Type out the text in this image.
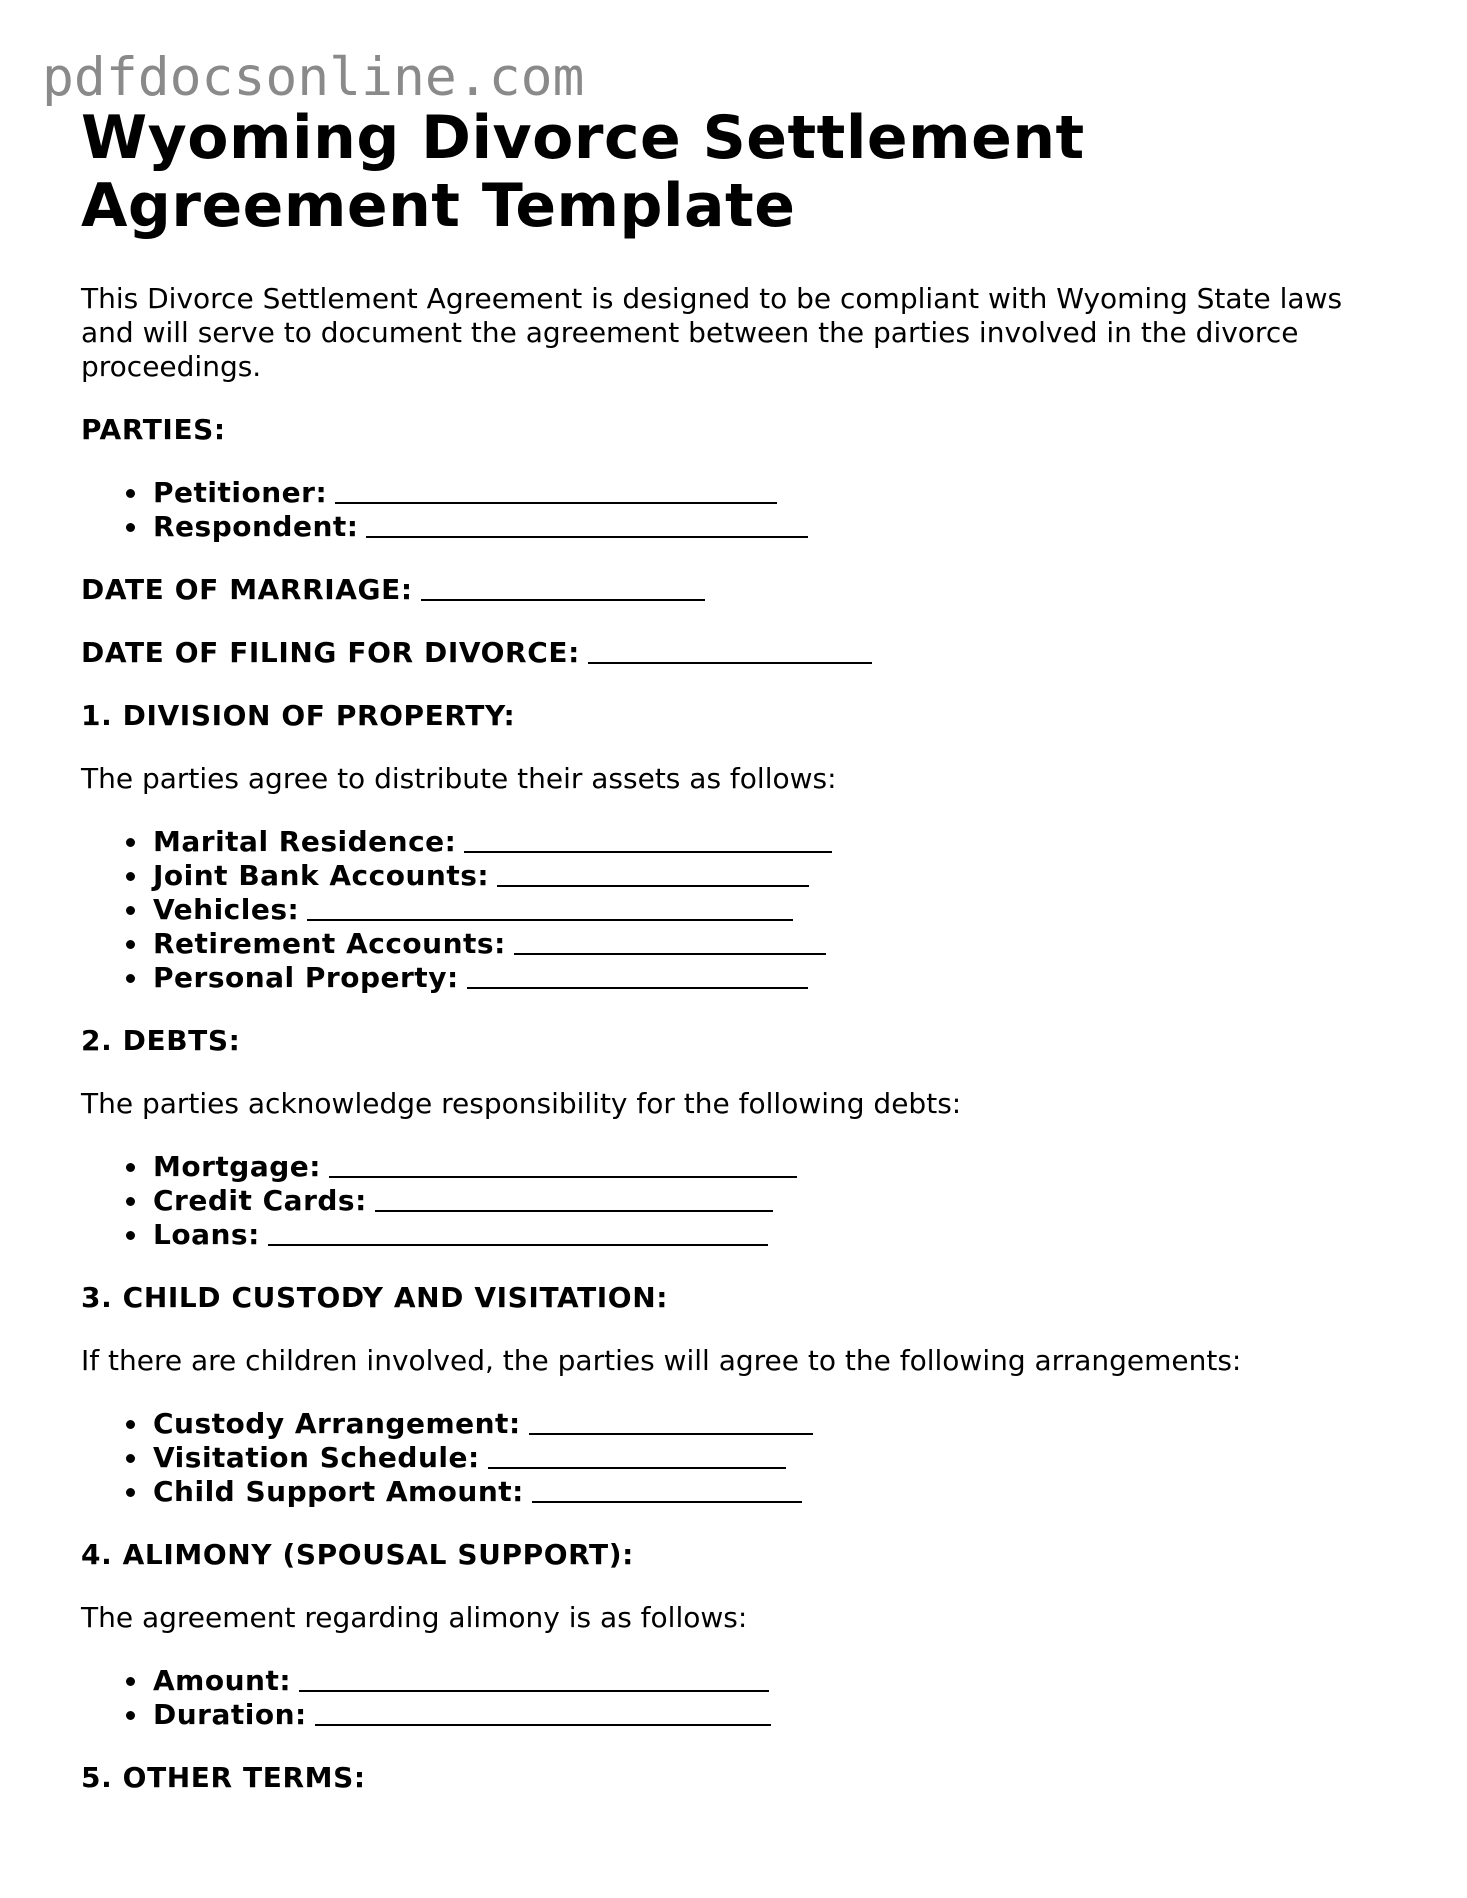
pdfdocsonline.com
Wyoming Divorce Settlement
Agreement Template

This Divorce Settlement Agreement is designed to be compliant with Wyoming State laws and will serve to document the agreement between the parties involved in the divorce proceedings.

PARTIES:
Petitioner:
Respondent:
DATE OF MARRIAGE:
DATE OF FILING FOR DIVORCE:
1. DIVISION OF PROPERTY:

The parties agree to distribute their assets as follows:

Marital Residence:
Joint Bank Accounts:
Vehicles:
Retirement Accounts:
Personal Property:
2. DEBTS:

The parties acknowledge responsibility for the following debts:

Mortgage:
Credit Cards:
Loans:
3. CHILD CUSTODY AND VISITATION:

If there are children involved, the parties will agree to the following arrangements:

Custody Arrangement:
Visitation Schedule:
Child Support Amount:
4. ALIMONY (SPOUSAL SUPPORT):

The agreement regarding alimony is as follows:

Amount:
Duration:
5. OTHER TERMS:
